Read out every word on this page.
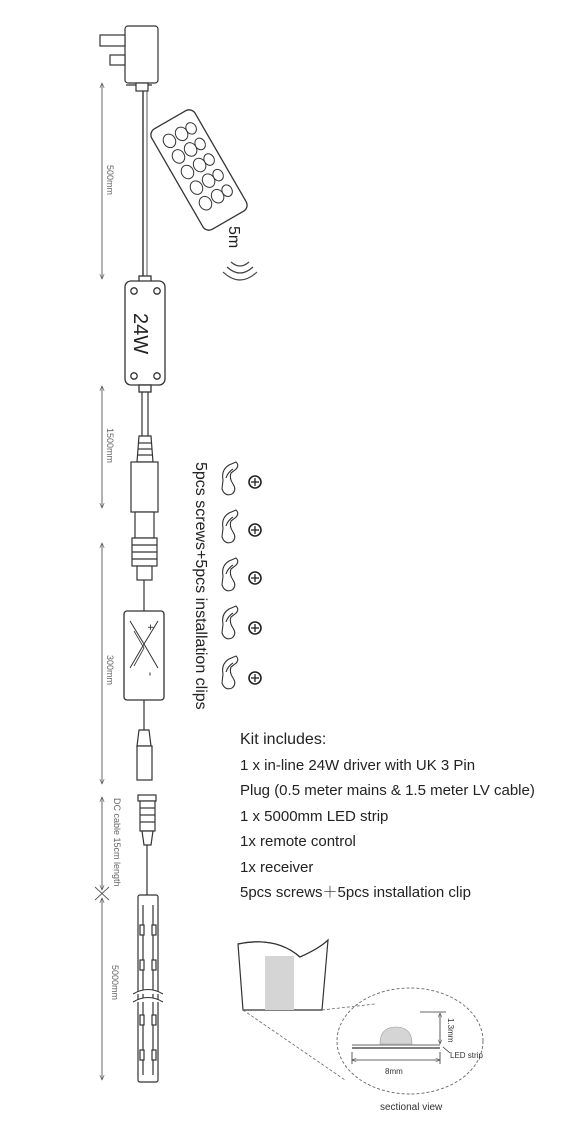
5m
24W
+
-
500mm
1500mm
300mm
DC cable 15cm length
5000mm
5pcs screws+5pcs installation clips
1.3mm
LED strip
8mm
sectional view
Kit includes:
1 x in-line 24W driver with UK 3 Pin
Plug (0.5 meter mains & 1.5 meter LV cable)
1 x 5000mm LED strip
1x remote control
1x receiver
5pcs screws＋5pcs installation clip
